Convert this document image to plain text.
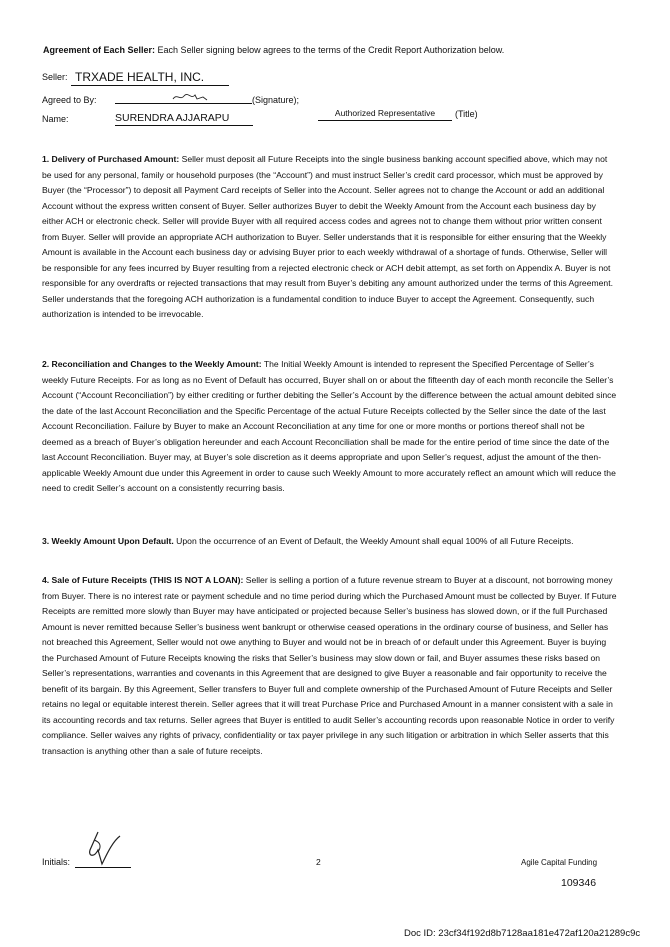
Agreement of Each Seller: Each Seller signing below agrees to the terms of the Credit Report Authorization below.
Seller: TRXADE HEALTH, INC.
Agreed to By:	(Signature);
Name:	SURENDRA AJJARAPU	Authorized Representative	(Title)

1. Delivery of Purchased Amount: Seller must deposit all Future Receipts into the single business banking account specified above, which may not be used for any personal, family or household purposes (the “Account”) and must instruct Seller’s credit card processor, which must be approved by Buyer (the “Processor”) to deposit all Payment Card receipts of Seller into the Account. Seller agrees not to change the Account or add an additional Account without the express written consent of Buyer. Seller authorizes Buyer to debit the Weekly Amount from the Account each business day by either ACH or electronic check. Seller will provide Buyer with all required access codes and agrees not to change them without prior written consent from Buyer. Seller will provide an appropriate ACH authorization to Buyer. Seller understands that it is responsible for either ensuring that the Weekly Amount is available in the Account each business day or advising Buyer prior to each weekly withdrawal of a shortage of funds. Otherwise, Seller will be responsible for any fees incurred by Buyer resulting from a rejected electronic check or ACH debit attempt, as set forth on Appendix A. Buyer is not responsible for any overdrafts or rejected transactions that may result from Buyer’s debiting any amount authorized under the terms of this Agreement. Seller understands that the foregoing ACH authorization is a fundamental condition to induce Buyer to accept the Agreement. Consequently, such authorization is intended to be irrevocable.

2. Reconciliation and Changes to the Weekly Amount: The Initial Weekly Amount is intended to represent the Specified Percentage of Seller’s weekly Future Receipts. For as long as no Event of Default has occurred, Buyer shall on or about the fifteenth day of each month reconcile the Seller’s Account (“Account Reconciliation”) by either crediting or further debiting the Seller’s Account by the difference between the actual amount debited since the date of the last Account Reconciliation and the Specific Percentage of the actual Future Receipts collected by the Seller since the date of the last Account Reconciliation. Failure by Buyer to make an Account Reconciliation at any time for one or more months or portions thereof shall not be deemed as a breach of Buyer’s obligation hereunder and each Account Reconciliation shall be made for the entire period of time since the date of the last Account Reconciliation. Buyer may, at Buyer’s sole discretion as it deems appropriate and upon Seller’s request, adjust the amount of the then- applicable Weekly Amount due under this Agreement in order to cause such Weekly Amount to more accurately reflect an amount which will reduce the need to credit Seller’s account on a consistently recurring basis.

3. Weekly Amount Upon Default. Upon the occurrence of an Event of Default, the Weekly Amount shall equal 100% of all Future Receipts.

4. Sale of Future Receipts (THIS IS NOT A LOAN): Seller is selling a portion of a future revenue stream to Buyer at a discount, not borrowing money from Buyer. There is no interest rate or payment schedule and no time period during which the Purchased Amount must be collected by Buyer. If Future Receipts are remitted more slowly than Buyer may have anticipated or projected because Seller’s business has slowed down, or if the full Purchased Amount is never remitted because Seller’s business went bankrupt or otherwise ceased operations in the ordinary course of business, and Seller has not breached this Agreement, Seller would not owe anything to Buyer and would not be in breach of or default under this Agreement. Buyer is buying the Purchased Amount of Future Receipts knowing the risks that Seller’s business may slow down or fail, and Buyer assumes these risks based on Seller’s representations, warranties and covenants in this Agreement that are designed to give Buyer a reasonable and fair opportunity to receive the benefit of its bargain. By this Agreement, Seller transfers to Buyer full and complete ownership of the Purchased Amount of Future Receipts and Seller retains no legal or equitable interest therein. Seller agrees that it will treat Purchase Price and Purchased Amount in a manner consistent with a sale in its accounting records and tax returns. Seller agrees that Buyer is entitled to audit Seller’s accounting records upon reasonable Notice in order to verify compliance. Seller waives any rights of privacy, confidentiality or tax payer privilege in any such litigation or arbitration in which Seller asserts that this transaction is anything other than a sale of future receipts.

Initials:	2	Agile Capital Funding
109346
Doc ID: 23cf34f192d8b7128aa181e472af120a21289c9c
